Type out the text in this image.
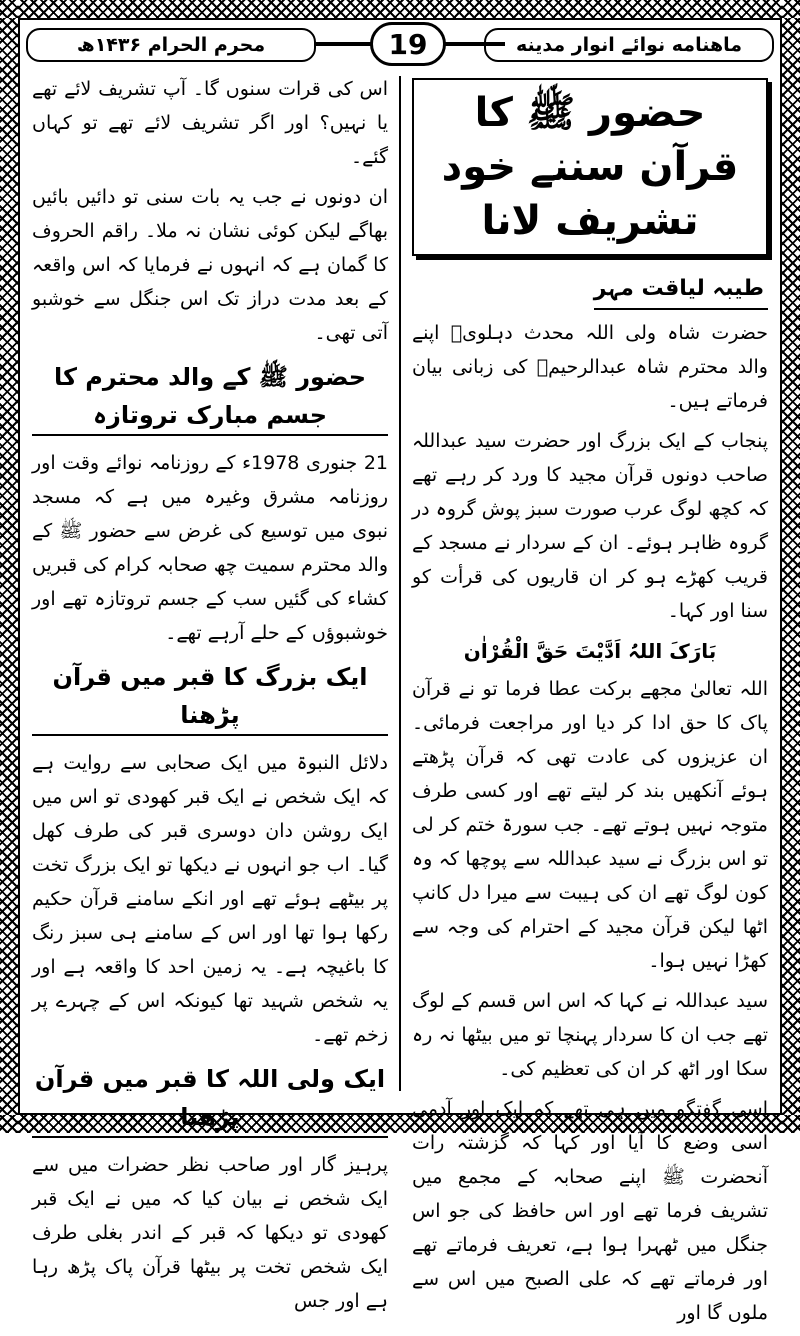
ماهنامه نوائے انوار مدینه
19
محرم الحرام ۱۴۳۶ھ
حضور ﷺ کا قرآن سننے خود تشریف لانا
طیبہ لیاقت مہر

حضرت شاہ ولی اللہ محدث دہلویؒ اپنے والد محترم شاہ عبدالرحیمؒ کی زبانی بیان فرماتے ہیں۔

پنجاب کے ایک بزرگ اور حضرت سید عبداللہ صاحب دونوں قرآن مجید کا ورد کر رہے تھے کہ کچھ لوگ عرب صورت سبز پوش گروہ در گروہ ظاہر ہوئے۔ ان کے سردار نے مسجد کے قریب کھڑے ہو کر ان قاریوں کی قرأت کو سنا اور کہا۔

بَارَکَ اللہُ اَدَّیْتَ حَقَّ الْقُرْاٰن

اللہ تعالیٰ مجھے برکت عطا فرما تو نے قرآن پاک کا حق ادا کر دیا اور مراجعت فرمائی۔ ان عزیزوں کی عادت تھی کہ قرآن پڑھتے ہوئے آنکھیں بند کر لیتے تھے اور کسی طرف متوجہ نہیں ہوتے تھے۔ جب سورۃ ختم کر لی تو اس بزرگ نے سید عبداللہ سے پوچھا کہ وہ کون لوگ تھے ان کی ہیبت سے میرا دل کانپ اٹھا لیکن قرآن مجید کے احترام کی وجہ سے کھڑا نہیں ہوا۔

سید عبداللہ نے کہا کہ اس اس قسم کے لوگ تھے جب ان کا سردار پہنچا تو میں بیٹھا نہ رہ سکا اور اٹھ کر ان کی تعظیم کی۔

اسی گفتگو میں ہی تھے کہ ایک اور آدمی اسی وضع کا آیا اور کہا کہ گزشتہ رات آنحضرت ﷺ اپنے صحابہ کے مجمع میں تشریف فرما تھے اور اس حافظ کی جو اس جنگل میں ٹھہرا ہوا ہے، تعریف فرماتے تھے اور فرماتے تھے کہ علی الصبح میں اس سے ملوں گا اور

اس کی قرات سنوں گا۔ آپ تشریف لائے تھے یا نہیں؟ اور اگر تشریف لائے تھے تو کہاں گئے۔

ان دونوں نے جب یہ بات سنی تو دائیں بائیں بھاگے لیکن کوئی نشان نہ ملا۔ راقم الحروف کا گمان ہے کہ انہوں نے فرمایا کہ اس واقعہ کے بعد مدت دراز تک اس جنگل سے خوشبو آتی تھی۔

حضور ﷺ کے والد محترم کا جسم مبارک تروتازہ

21 جنوری 1978ء کے روزنامہ نوائے وقت اور روزنامہ مشرق وغیرہ میں ہے کہ مسجد نبوی میں توسیع کی غرض سے حضور ﷺ کے والد محترم سمیت چھ صحابہ کرام کی قبریں کشاء کی گئیں سب کے جسم تروتازہ تھے اور خوشبوؤں کے حلے آرہے تھے۔

ایک بزرگ کا قبر میں قرآن پڑھنا

دلائل النبوۃ میں ایک صحابی سے روایت ہے کہ ایک شخص نے ایک قبر کھودی تو اس میں ایک روشن دان دوسری قبر کی طرف کھل گیا۔ اب جو انہوں نے دیکھا تو ایک بزرگ تخت پر بیٹھے ہوئے تھے اور انکے سامنے قرآن حکیم رکھا ہوا تھا اور اس کے سامنے ہی سبز رنگ کا باغیچہ ہے۔ یہ زمین احد کا واقعہ ہے اور یہ شخص شہید تھا کیونکہ اس کے چہرے پر زخم تھے۔

ایک ولی اللہ کا قبر میں قرآن پڑھنا

پرہیز گار اور صاحب نظر حضرات میں سے ایک شخص نے بیان کیا کہ میں نے ایک قبر کھودی تو دیکھا کہ قبر کے اندر بغلی طرف ایک شخص تخت پر بیٹھا قرآن پاک پڑھ رہا ہے اور جس
